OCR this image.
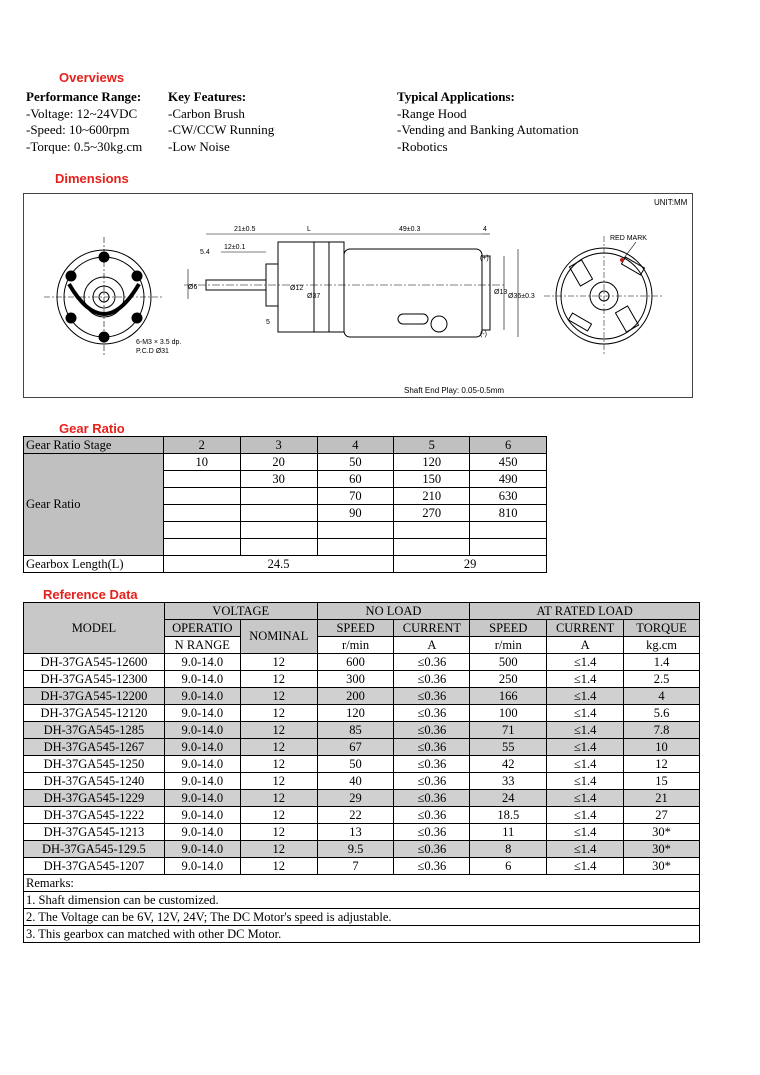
Overviews
Performance Range:
-Voltage: 12~24VDC
-Speed: 10~600rpm
-Torque: 0.5~30kg.cm
Key Features:
-Carbon Brush
-CW/CCW Running
-Low Noise
Typical Applications:
-Range Hood
-Vending and Banking Automation
-Robotics
Dimensions
6-M3 × 3.5 dp.
P.C.D Ø31
21±0.5
12±0.1
L	49±0.3	4
5.4
Ø6	Ø12
Ø37
Ø13
Ø36±0.3
5
(+)
(-)
RED MARK
UNIT:MM
Shaft End Play: 0.05-0.5mm
Gear Ratio
Gear Ratio Stage	2	3	4	5	6
Gear Ratio	10	20	50	120	450
		30	60	150	490
			70	210	630
			90	270	810

Gearbox Length(L)	24.5			29	
Reference Data
MODEL	VOLTAGE		NO LOAD		AT RATED LOAD		
	OPERATIO	NOMINAL	SPEED	CURRENT	SPEED	CURRENT	TORQUE
	N RANGE		r/min	A	r/min	A	kg.cm
DH-37GA545-12600	9.0-14.0	12	600	≤0.36	500	≤1.4	1.4
DH-37GA545-12300	9.0-14.0	12	300	≤0.36	250	≤1.4	2.5
DH-37GA545-12200	9.0-14.0	12	200	≤0.36	166	≤1.4	4
DH-37GA545-12120	9.0-14.0	12	120	≤0.36	100	≤1.4	5.6
DH-37GA545-1285	9.0-14.0	12	85	≤0.36	71	≤1.4	7.8
DH-37GA545-1267	9.0-14.0	12	67	≤0.36	55	≤1.4	10
DH-37GA545-1250	9.0-14.0	12	50	≤0.36	42	≤1.4	12
DH-37GA545-1240	9.0-14.0	12	40	≤0.36	33	≤1.4	15
DH-37GA545-1229	9.0-14.0	12	29	≤0.36	24	≤1.4	21
DH-37GA545-1222	9.0-14.0	12	22	≤0.36	18.5	≤1.4	27
DH-37GA545-1213	9.0-14.0	12	13	≤0.36	11	≤1.4	30*
DH-37GA545-129.5	9.0-14.0	12	9.5	≤0.36	8	≤1.4	30*
DH-37GA545-1207	9.0-14.0	12	7	≤0.36	6	≤1.4	30*
Remarks:							
1. Shaft dimension can be customized.							
2. The Voltage can be 6V, 12V, 24V; The DC Motor's speed is adjustable.							
3. This gearbox can matched with other DC Motor.							
